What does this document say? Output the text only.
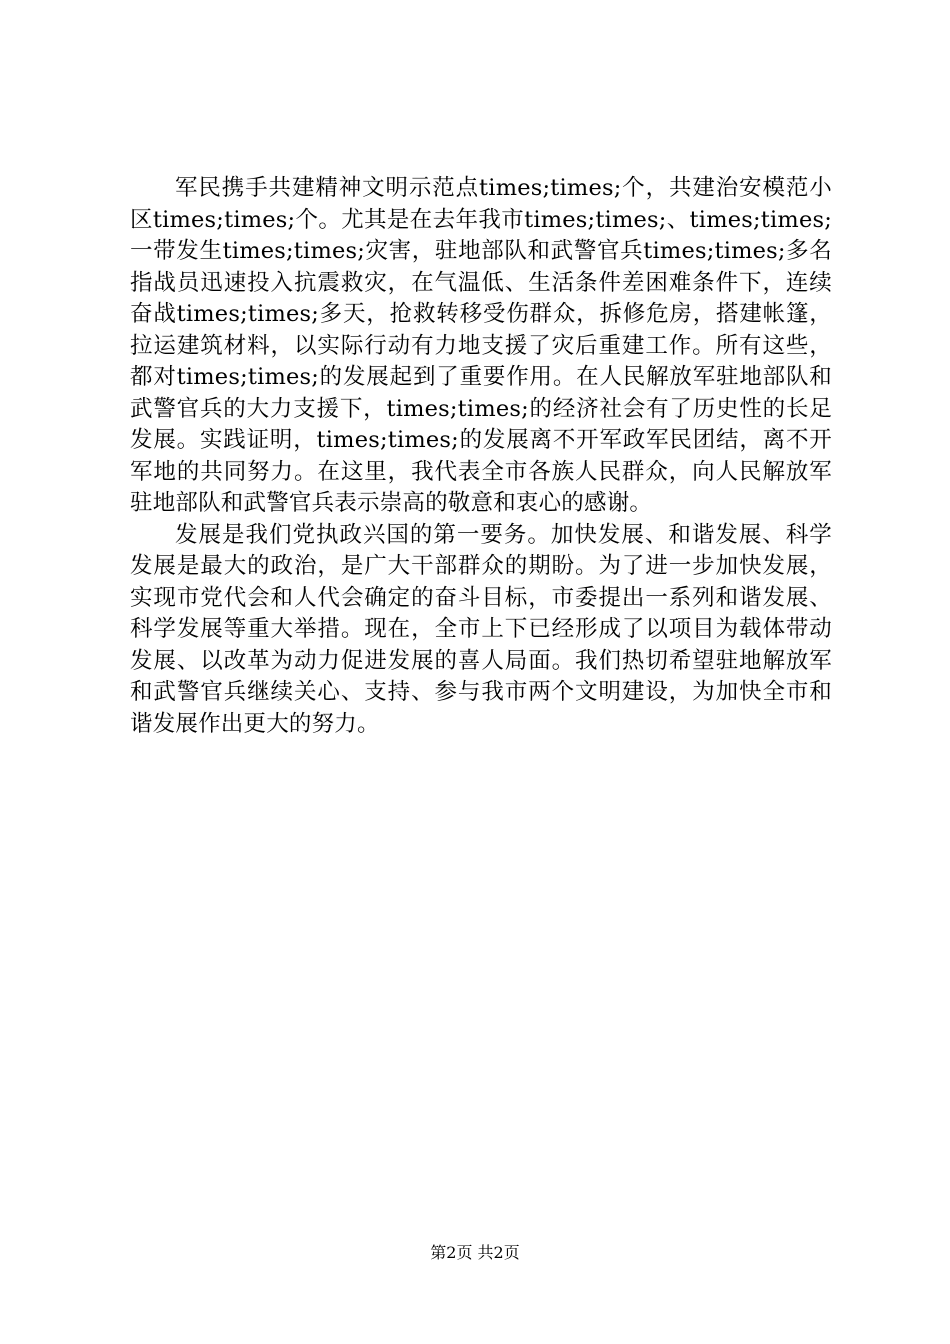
军民携手共建精神文明示范点times;times;个，共建治安模范小区times;times;个。尤其是在去年我市times;times;、times;times;一带发生times;times;灾害，驻地部队和武警官兵times;times;多名指战员迅速投入抗震救灾，在气温低、生活条件差困难条件下，连续奋战times;times;多天，抢救转移受伤群众，拆修危房，搭建帐篷，拉运建筑材料，以实际行动有力地支援了灾后重建工作。所有这些，都对times;times;的发展起到了重要作用。在人民解放军驻地部队和武警官兵的大力支援下，times;times;的经济社会有了历史性的长足发展。实践证明，times;times;的发展离不开军政军民团结，离不开军地的共同努力。在这里，我代表全市各族人民群众，向人民解放军驻地部队和武警官兵表示崇高的敬意和衷心的感谢。

发展是我们党执政兴国的第一要务。加快发展、和谐发展、科学发展是最大的政治，是广大干部群众的期盼。为了进一步加快发展，实现市党代会和人代会确定的奋斗目标，市委提出一系列和谐发展、科学发展等重大举措。现在，全市上下已经形成了以项目为载体带动发展、以改革为动力促进发展的喜人局面。我们热切希望驻地解放军和武警官兵继续关心、支持、参与我市两个文明建设，为加快全市和谐发展作出更大的努力。

第2页 共2页
